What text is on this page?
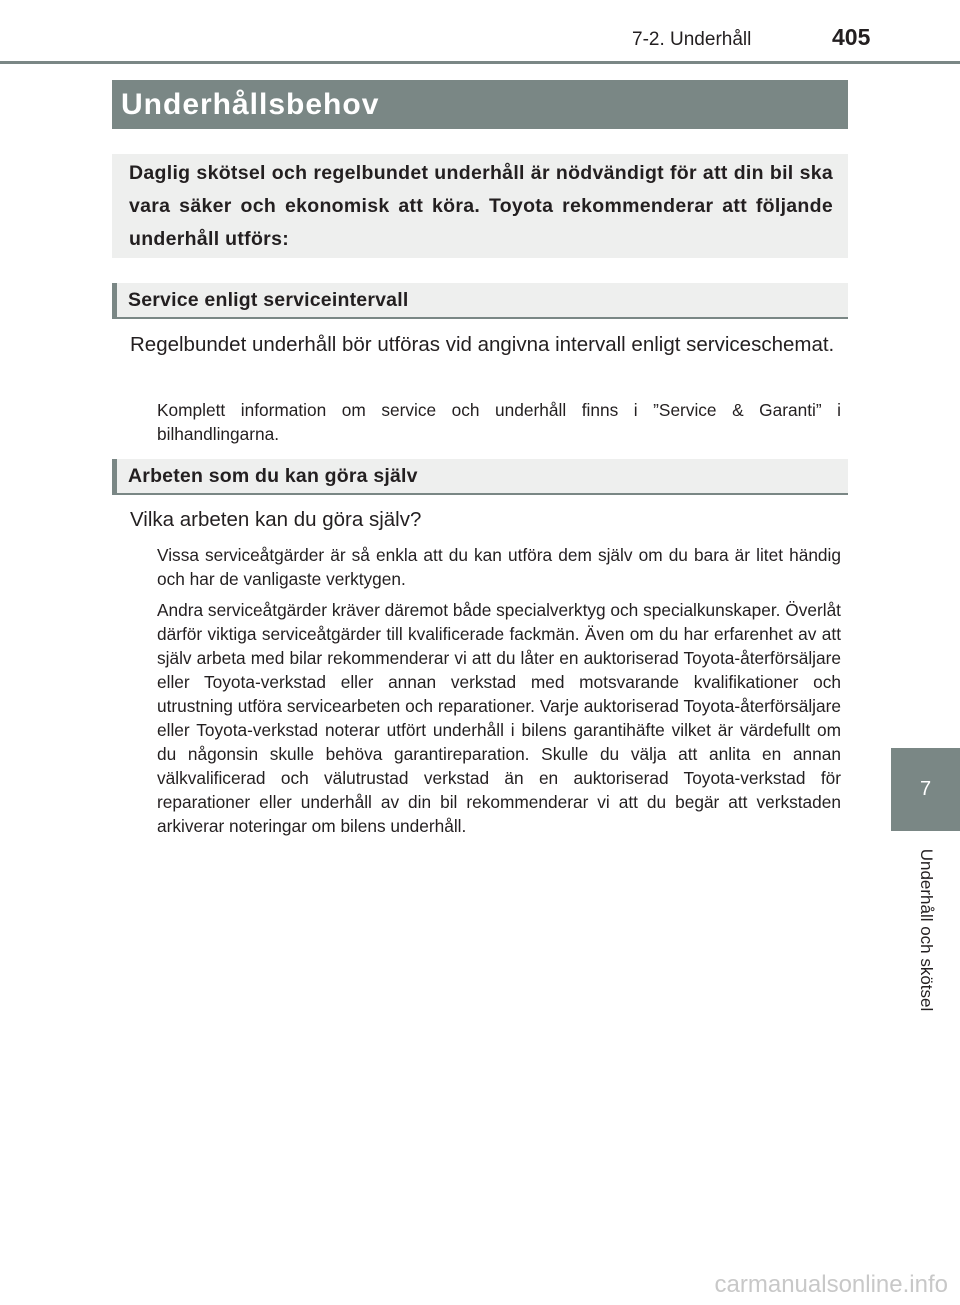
7-2. Underhåll	405
Underhållsbehov

Daglig skötsel och regelbundet underhåll är nödvändigt för att din bil ska vara säker och ekonomisk att köra. Toyota rekommenderar att följande underhåll utförs:

Service enligt serviceintervall

Regelbundet underhåll bör utföras vid angivna intervall enligt serviceschemat.

Komplett information om service och underhåll finns i ”Service & Garanti” i bilhandlingarna.

Arbeten som du kan göra själv

Vilka arbeten kan du göra själv?

Vissa serviceåtgärder är så enkla att du kan utföra dem själv om du bara är litet händig och har de vanligaste verktygen.

Andra serviceåtgärder kräver däremot både specialverktyg och specialkunskaper. Överlåt därför viktiga serviceåtgärder till kvalificerade fackmän. Även om du har erfarenhet av att själv arbeta med bilar rekommenderar vi att du låter en auktoriserad Toyota-återförsäljare eller Toyota-verkstad eller annan verkstad med motsvarande kvalifikationer och utrustning utföra servicearbeten och reparationer. Varje auktoriserad Toyota-återförsäljare eller Toyota-verkstad noterar utfört underhåll i bilens garantihäfte vilket är värdefullt om du någonsin skulle behöva garantireparation. Skulle du välja att anlita en annan välkvalificerad och välutrustad verkstad än en auktoriserad Toyota-verkstad för reparationer eller underhåll av din bil rekommenderar vi att du begär att verkstaden arkiverar noteringar om bilens underhåll.

7
Underhåll och skötsel
carmanualsonline.info
